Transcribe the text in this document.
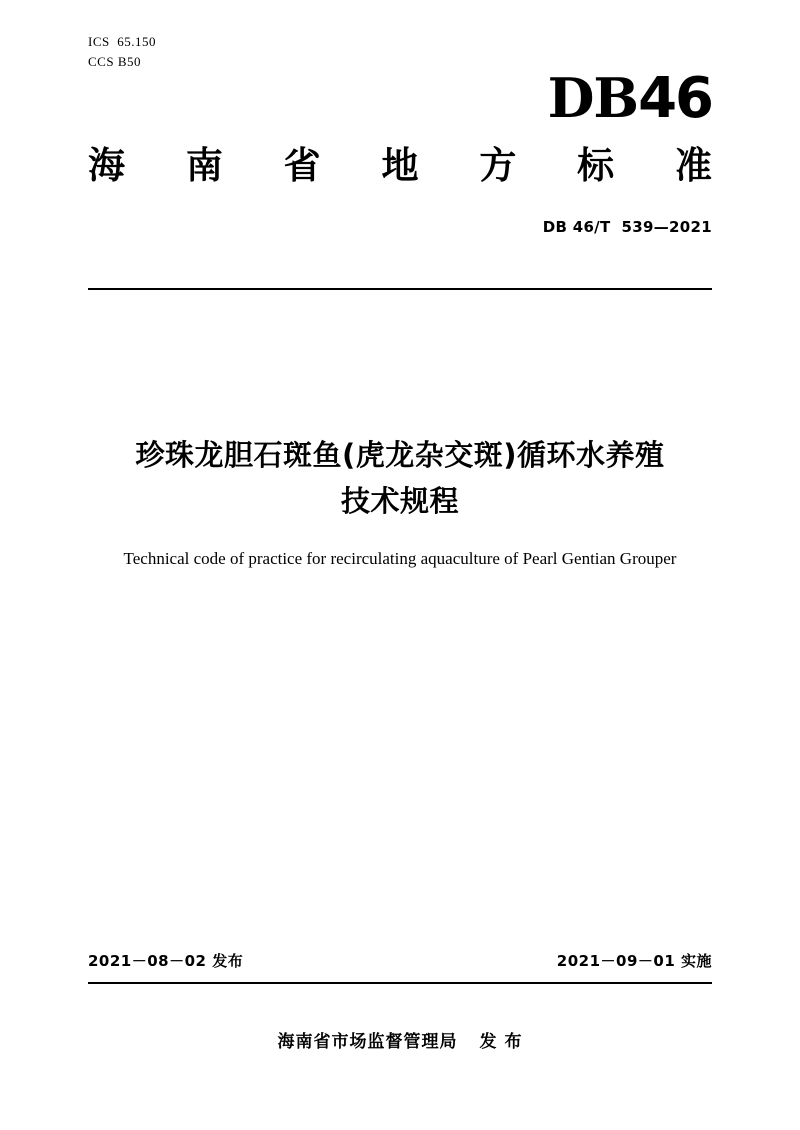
ICS  65.150
CCS B50
DB46
海 南 省 地 方 标 准
DB 46/T  539—2021
珍珠龙胆石斑鱼(虎龙杂交斑)循环水养殖
技术规程
Technical code of practice for recirculating aquaculture of Pearl Gentian Grouper
2021－08－02 发布	2021－09－01 实施
海南省市场监督管理局 发 布
